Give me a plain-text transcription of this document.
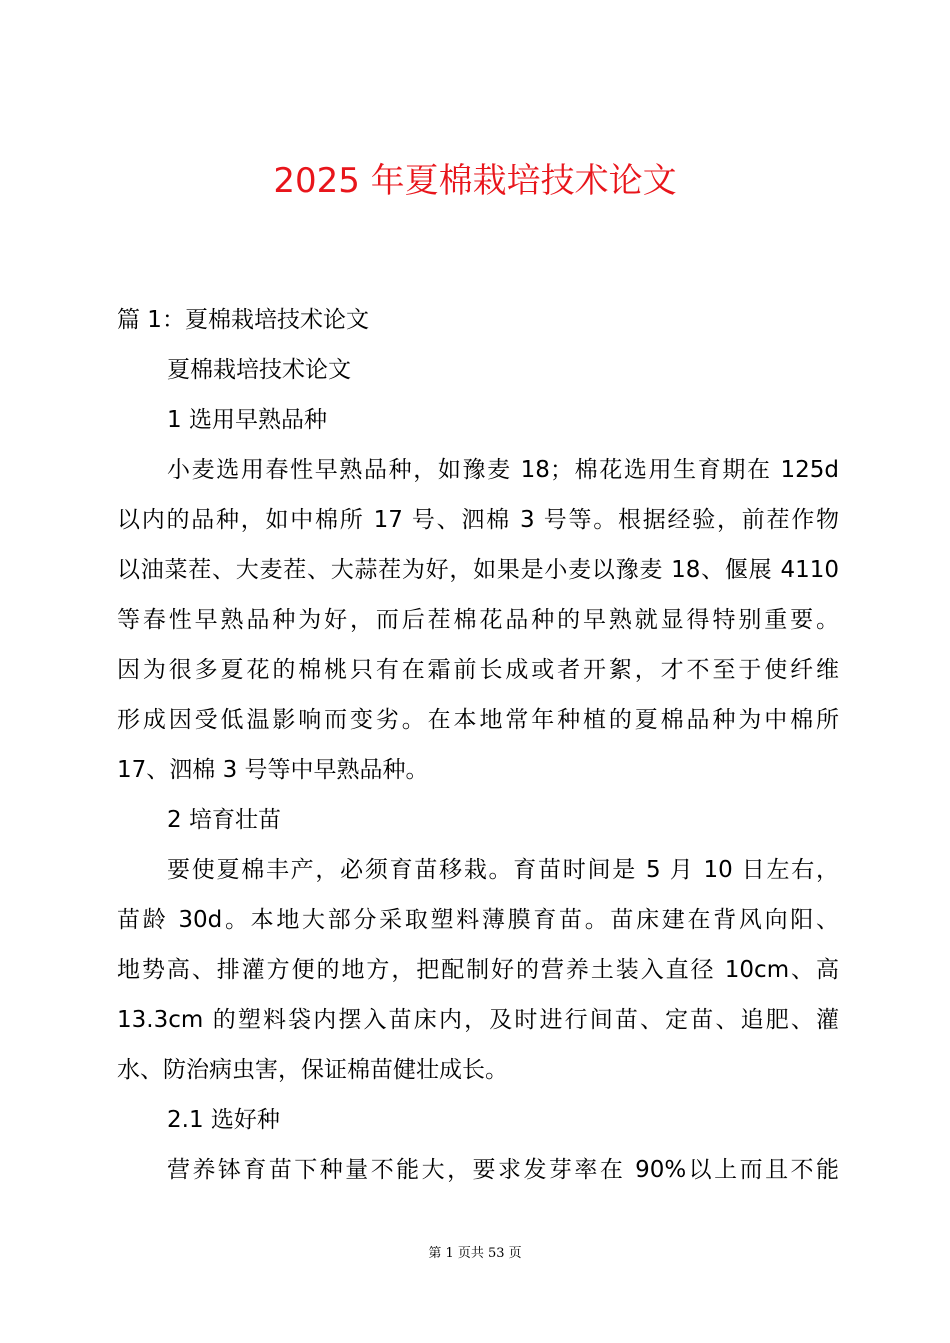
2025 年夏棉栽培技术论文
篇 1：夏棉栽培技术论文
夏棉栽培技术论文
1 选用早熟品种
小麦选用春性早熟品种，如豫麦 18；棉花选用生育期在 125d
以内的品种，如中棉所 17 号、泗棉 3 号等。根据经验，前茬作物
以油菜茬、大麦茬、大蒜茬为好，如果是小麦以豫麦 18、偃展 4110
等春性早熟品种为好，而后茬棉花品种的早熟就显得特别重要。
因为很多夏花的棉桃只有在霜前长成或者开絮，才不至于使纤维
形成因受低温影响而变劣。在本地常年种植的夏棉品种为中棉所
17、泗棉 3 号等中早熟品种。
2 培育壮苗
要使夏棉丰产，必须育苗移栽。育苗时间是 5 月 10 日左右，
苗龄 30d。本地大部分采取塑料薄膜育苗。苗床建在背风向阳、
地势高、排灌方便的地方，把配制好的营养土装入直径 10cm、高
13.3cm 的塑料袋内摆入苗床内，及时进行间苗、定苗、追肥、灌
水、防治病虫害，保证棉苗健壮成长。
2.1 选好种
营养钵育苗下种量不能大，要求发芽率在 90%以上而且不能
第 1 页共 53 页
